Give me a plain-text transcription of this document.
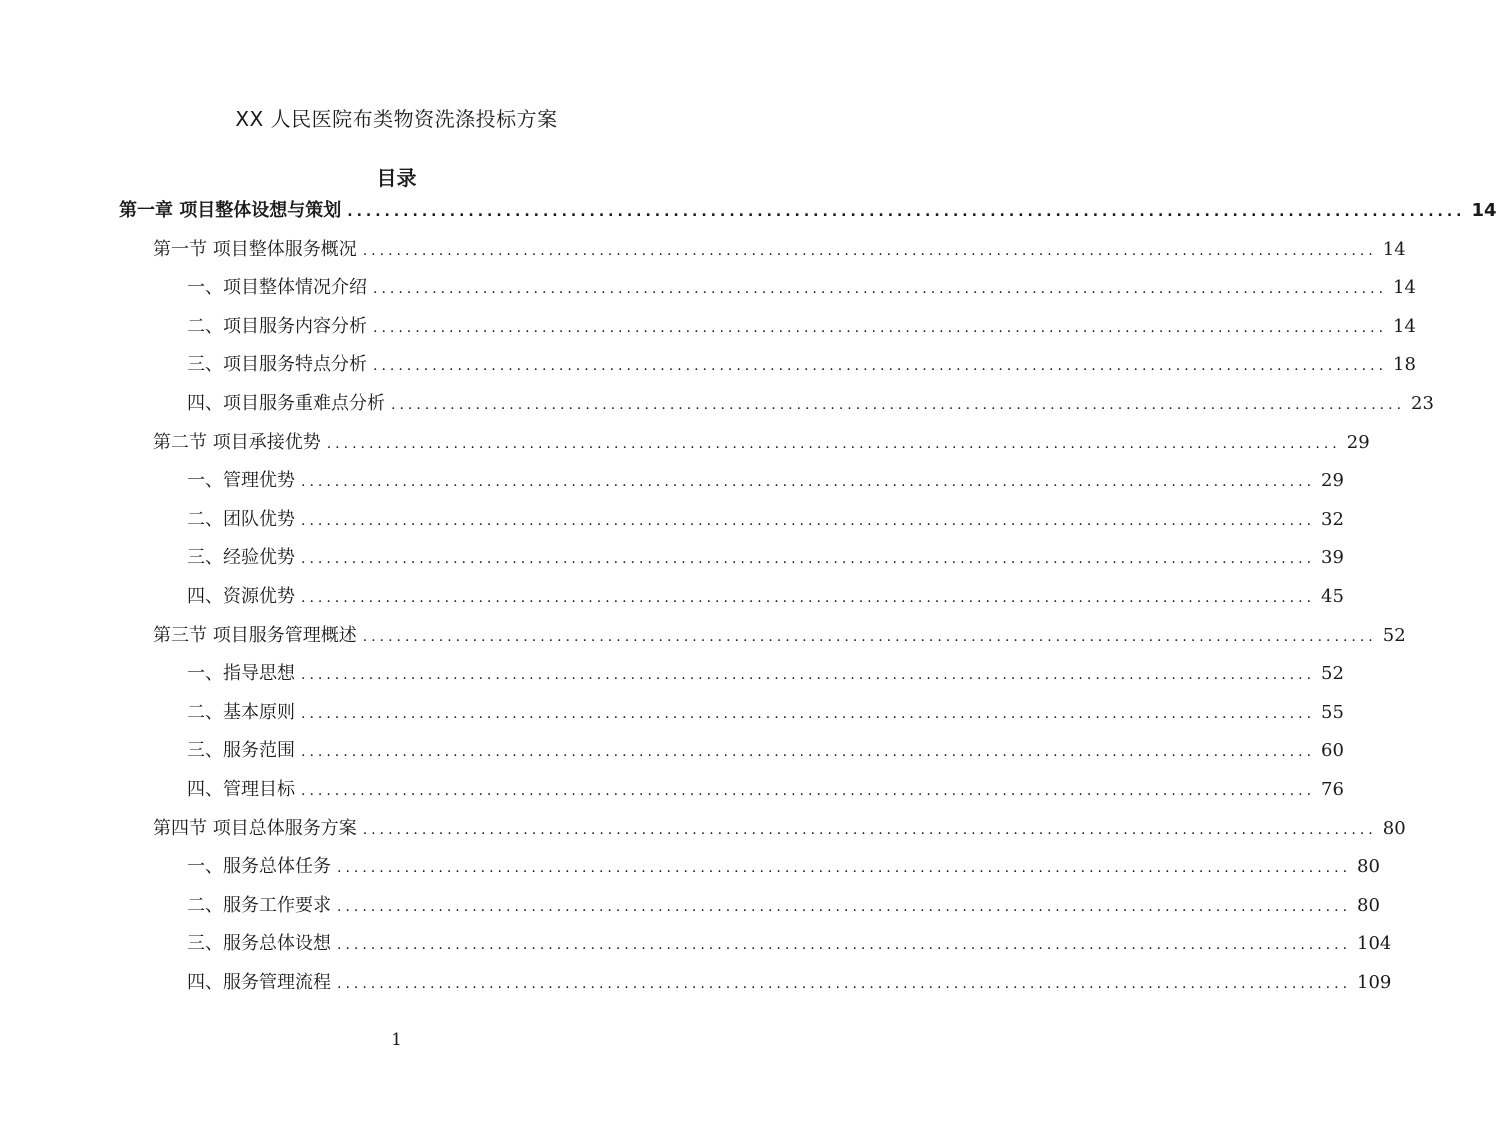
XX 人民医院布类物资洗涤投标方案
目录
第一章 项目整体设想与策划 ........................................................................................................................ 14
第一节 项目整体服务概况 ........................................................................................................................ 14
一、项目整体情况介绍 ........................................................................................................................ 14
二、项目服务内容分析 ........................................................................................................................ 14
三、项目服务特点分析 ........................................................................................................................ 18
四、项目服务重难点分析 ........................................................................................................................ 23
第二节 项目承接优势 ........................................................................................................................ 29
一、管理优势 ........................................................................................................................ 29
二、团队优势 ........................................................................................................................ 32
三、经验优势 ........................................................................................................................ 39
四、资源优势 ........................................................................................................................ 45
第三节 项目服务管理概述 ........................................................................................................................ 52
一、指导思想 ........................................................................................................................ 52
二、基本原则 ........................................................................................................................ 55
三、服务范围 ........................................................................................................................ 60
四、管理目标 ........................................................................................................................ 76
第四节 项目总体服务方案 ........................................................................................................................ 80
一、服务总体任务 ........................................................................................................................ 80
二、服务工作要求 ........................................................................................................................ 80
三、服务总体设想 ........................................................................................................................ 104
四、服务管理流程 ........................................................................................................................ 109
1
